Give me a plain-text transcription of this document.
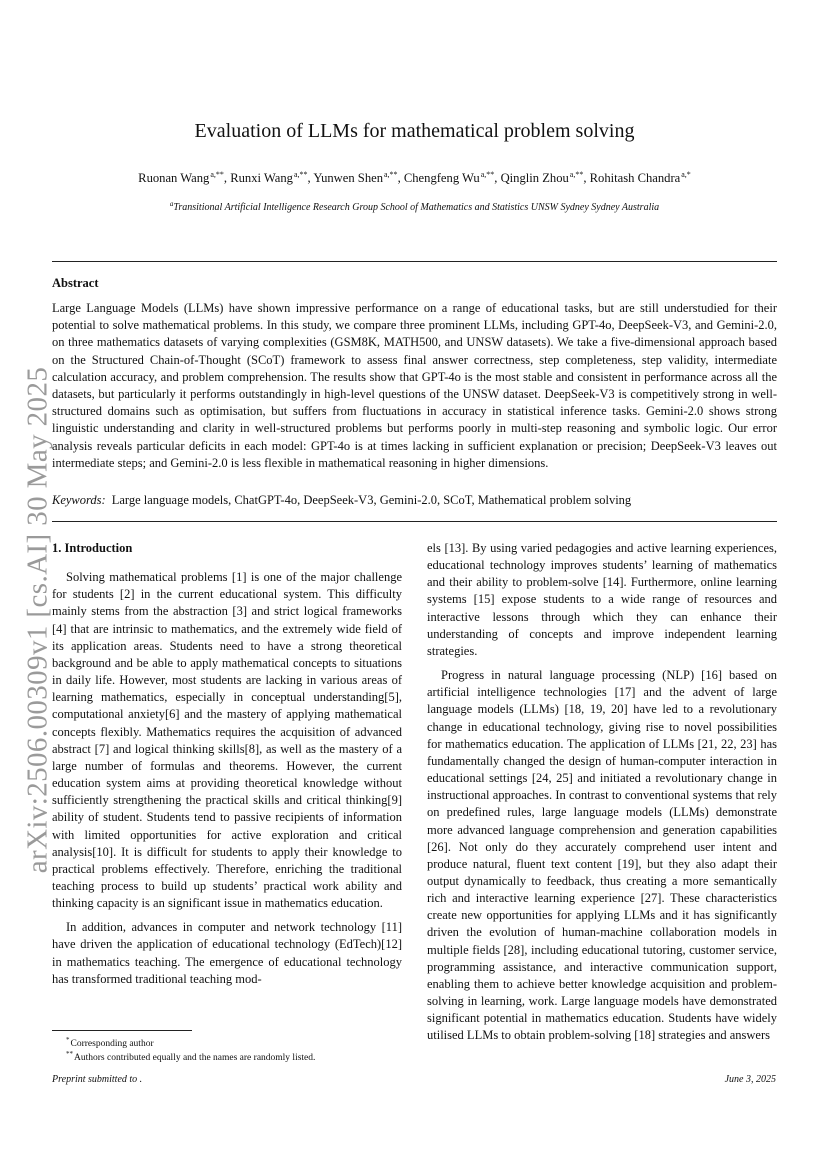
arXiv:2506.00309v1 [cs.AI] 30 May 2025
Evaluation of LLMs for mathematical problem solving
Ruonan Wang$^{a,**}$, Runxi Wang$^{a,**}$, Yunwen Shen$^{a,**}$, Chengfeng $Wu^{a,**}$, Qinglin Zhou$^{a,**}$, Rohitash Chandra$^{a,*}$
$^a$Transitional Artificial Intelligence Research Group School of Mathematics and Statistics UNSW Sydney Sydney Australia
Abstract
Large Language Models (LLMs) have shown impressive performance on a range of educational tasks, but are still understudied for their potential to solve mathematical problems. In this study, we compare three prominent LLMs, including GPT-4o, DeepSeek-V3, and Gemini-2.0, on three mathematics datasets of varying complexities (GSM8K, MATH500, and UNSW datasets). We take a five-dimensional approach based on the Structured Chain-of-Thought (SCoT) framework to assess final answer correctness, step completeness, step validity, intermediate calculation accuracy, and problem comprehension. The results show that GPT-4o is the most stable and consistent in performance across all the datasets, but particularly it performs outstandingly in high-level questions of the UNSW dataset. DeepSeek-V3 is competitively strong in well-structured domains such as optimisation, but suffers from fluctuations in accuracy in statistical inference tasks. Gemini-2.0 shows strong linguistic understanding and clarity in well-structured problems but performs poorly in multi-step reasoning and symbolic logic. Our error analysis reveals particular deficits in each model: GPT-4o is at times lacking in sufficient explanation or precision; DeepSeek-V3 leaves out intermediate steps; and Gemini-2.0 is less flexible in mathematical reasoning in higher dimensions.
Keywords: Large language models, ChatGPT-4o, DeepSeek-V3, Gemini-2.0, SCoT, Mathematical problem solving
1. Introduction

Solving mathematical problems [1] is one of the major challenge for students [2] in the current educational system. This difficulty mainly stems from the abstraction [3] and strict logical frameworks [4] that are intrinsic to mathematics, and the extremely wide field of its application areas. Students need to have a strong theoretical background and be able to apply mathematical concepts to situations in daily life. However, most students are lacking in various areas of learning mathematics, especially in conceptual understanding[5], computational anxiety[6] and the mastery of applying mathematical concepts flexibly. Mathematics requires the acquisition of advanced abstract [7] and logical thinking skills[8], as well as the mastery of a large number of formulas and theorems. However, the current education system aims at providing theoretical knowledge without sufficiently strengthening the practical skills and critical thinking[9] ability of student. Students tend to passive recipients of information with limited opportunities for active exploration and critical analysis[10]. It is difficult for students to apply their knowledge to practical problems effectively. Therefore, enriching the traditional teaching process to build up students’ practical work ability and thinking capacity is an significant issue in mathematics education.

In addition, advances in computer and network technology [11] have driven the application of educational technology (EdTech)[12] in mathematics teaching. The emergence of educational technology has transformed traditional teaching mod-

els [13]. By using varied pedagogies and active learning experiences, educational technology improves students’ learning of mathematics and their ability to problem-solve [14]. Furthermore, online learning systems [15] expose students to a wide range of resources and interactive lessons through which they can enhance their understanding of concepts and improve independent learning strategies.

Progress in natural language processing (NLP) [16] based on artificial intelligence technologies [17] and the advent of large language models (LLMs) [18, 19, 20] have led to a revolutionary change in educational technology, giving rise to novel possibilities for mathematics education. The application of LLMs [21, 22, 23] has fundamentally changed the design of human-computer interaction in educational settings [24, 25] and initiated a revolutionary change in instructional approaches. In contrast to conventional systems that rely on predefined rules, large language models (LLMs) demonstrate more advanced language comprehension and generation capabilities [26]. Not only do they accurately comprehend user intent and produce natural, fluent text content [19], but they also adapt their output dynamically to feedback, thus creating a more semantically rich and interactive learning experience [27]. These characteristics create new opportunities for applying LLMs and it has significantly driven the evolution of human-machine collaboration models in multiple fields [28], including educational tutoring, customer service, programming assistance, and interactive communication support, enabling them to achieve better knowledge acquisition and problem-solving in learning, work. Large language models have demonstrated significant potential in mathematics education. Students have widely utilised LLMs to obtain problem-solving [18] strategies and answers

*Corresponding author
**Authors contributed equally and the names are randomly listed.
Preprint submitted to .	June 3, 2025
